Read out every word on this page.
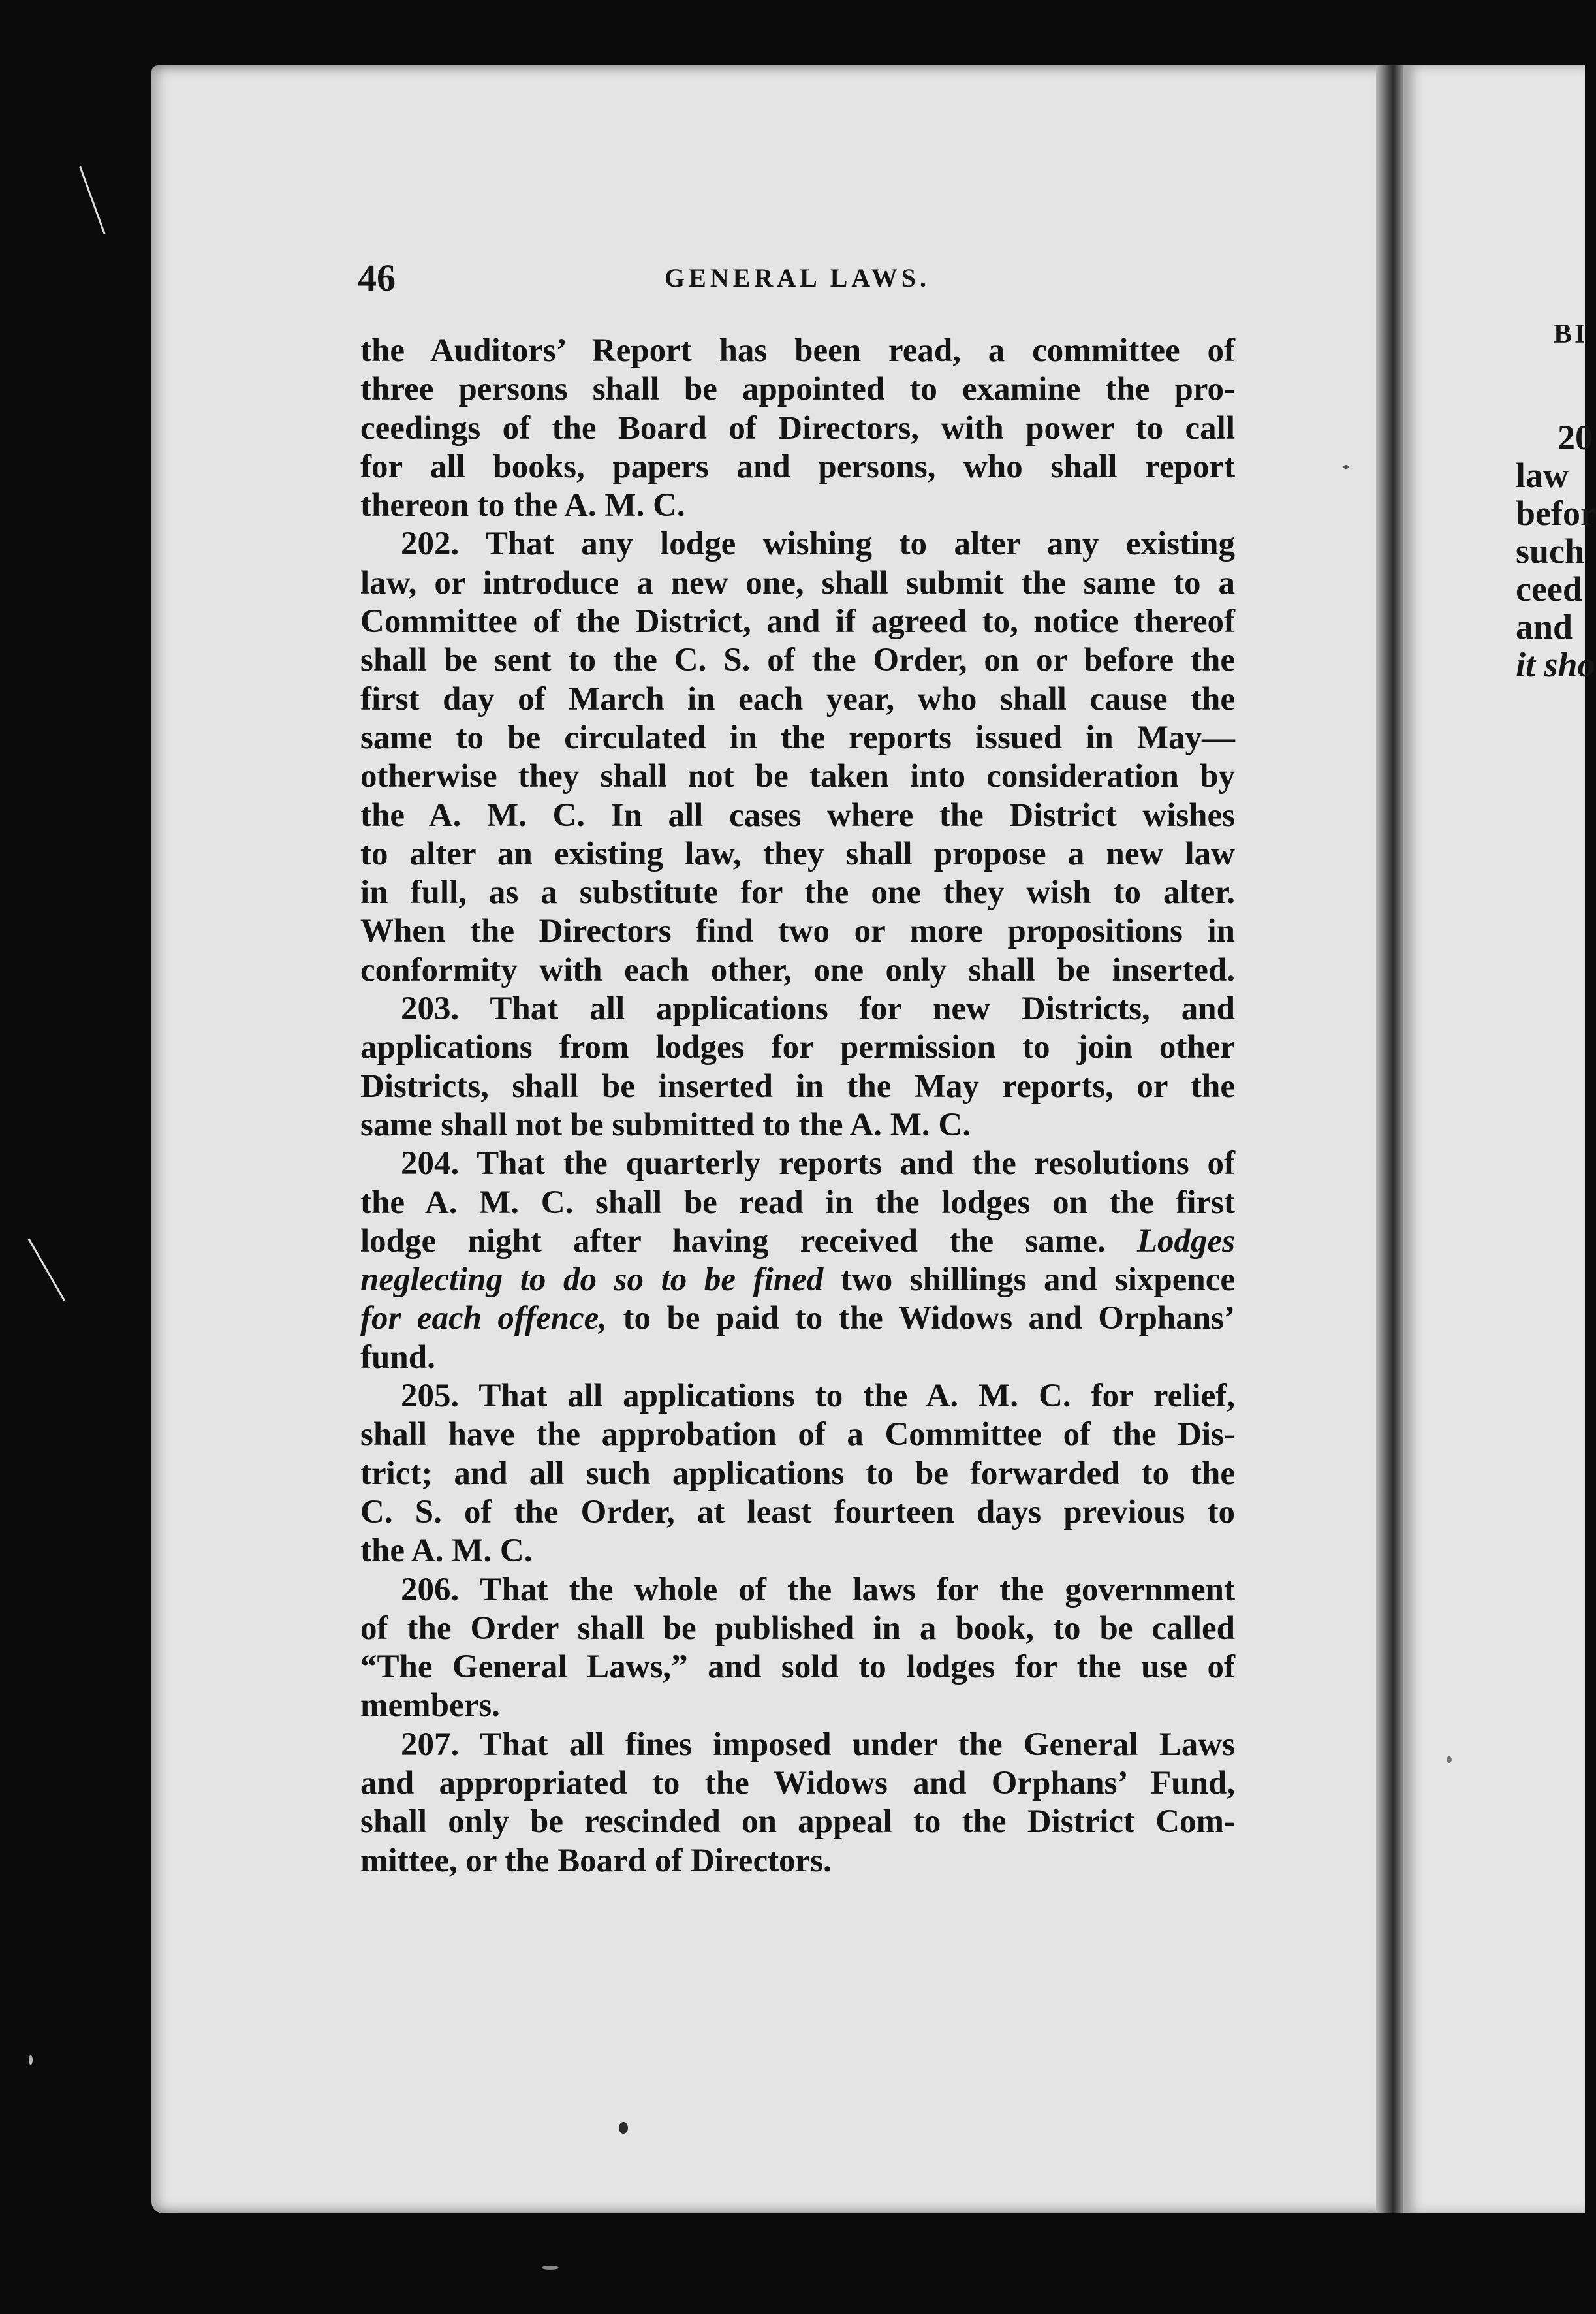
46	GENERAL LAWS.
the Auditors’ Report has been read, a committee of
three persons shall be appointed to examine the pro-
ceedings of the Board of Directors, with power to call
for all books, papers and persons, who shall report
thereon to the A. M. C.
202. That any lodge wishing to alter any existing
law, or introduce a new one, shall submit the same to a
Committee of the District, and if agreed to, notice thereof
shall be sent to the C. S. of the Order, on or before the
first day of March in each year, who shall cause the
same to be circulated in the reports issued in May—
otherwise they shall not be taken into consideration by
the A. M. C. In all cases where the District wishes
to alter an existing law, they shall propose a new law
in full, as a substitute for the one they wish to alter.
When the Directors find two or more propositions in
conformity with each other, one only shall be inserted.
203. That all applications for new Districts, and
applications from lodges for permission to join other
Districts, shall be inserted in the May reports, or the
same shall not be submitted to the A. M. C.
204. That the quarterly reports and the resolutions of
the A. M. C. shall be read in the lodges on the first
lodge night after having received the same. Lodges
neglecting to do so to be fined two shillings and sixpence
for each offence, to be paid to the Widows and Orphans’
fund.
205. That all applications to the A. M. C. for relief,
shall have the approbation of a Committee of the Dis-
trict; and all such applications to be forwarded to the
C. S. of the Order, at least fourteen days previous to
the A. M. C.
206. That the whole of the laws for the government
of the Order shall be published in a book, to be called
“The General Laws,” and sold to lodges for the use of
members.
207. That all fines imposed under the General Laws
and appropriated to the Widows and Orphans’ Fund,
shall only be rescinded on appeal to the District Com-
mittee, or the Board of Directors.
BI
20
law
befor
such
ceed
and
it sho
